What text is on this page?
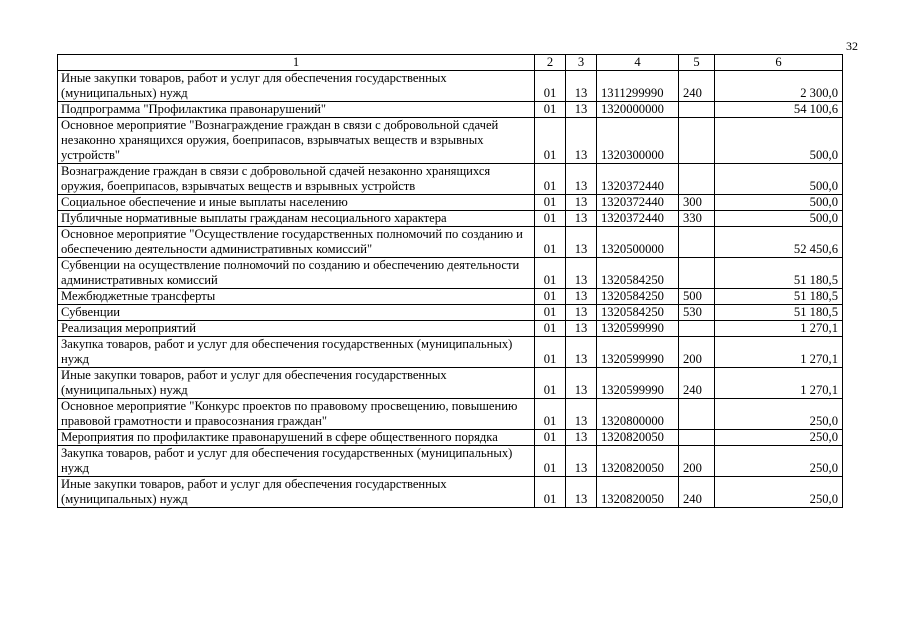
32
1	2	3	4	5	6
Иные закупки товаров, работ и услуг для обеспечения государственных (муниципальных) нужд	01	13	1311299990	240	2 300,0
Подпрограмма "Профилактика правонарушений"	01	13	1320000000		54 100,6
Основное мероприятие "Вознаграждение граждан в связи с добровольной сдачей незаконно хранящихся оружия, боеприпасов, взрывчатых веществ и взрывных устройств"	01	13	1320300000		500,0
Вознаграждение граждан в связи с добровольной сдачей незаконно хранящихся оружия, боеприпасов, взрывчатых веществ и взрывных устройств	01	13	1320372440		500,0
Социальное обеспечение и иные выплаты населению	01	13	1320372440	300	500,0
Публичные нормативные выплаты гражданам несоциального характера	01	13	1320372440	330	500,0
Основное мероприятие "Осуществление государственных полномочий по созданию и обеспечению деятельности административных комиссий"	01	13	1320500000		52 450,6
Субвенции на осуществление полномочий по созданию и обеспечению деятельности административных комиссий	01	13	1320584250		51 180,5
Межбюджетные трансферты	01	13	1320584250	500	51 180,5
Субвенции	01	13	1320584250	530	51 180,5
Реализация мероприятий	01	13	1320599990		1 270,1
Закупка товаров, работ и услуг для обеспечения государственных (муниципальных) нужд	01	13	1320599990	200	1 270,1
Иные закупки товаров, работ и услуг для обеспечения государственных (муниципальных) нужд	01	13	1320599990	240	1 270,1
Основное мероприятие "Конкурс проектов по правовому просвещению, повышению правовой грамотности и правосознания граждан"	01	13	1320800000		250,0
Мероприятия по профилактике правонарушений в сфере общественного порядка	01	13	1320820050		250,0
Закупка товаров, работ и услуг для обеспечения государственных (муниципальных) нужд	01	13	1320820050	200	250,0
Иные закупки товаров, работ и услуг для обеспечения государственных (муниципальных) нужд	01	13	1320820050	240	250,0
